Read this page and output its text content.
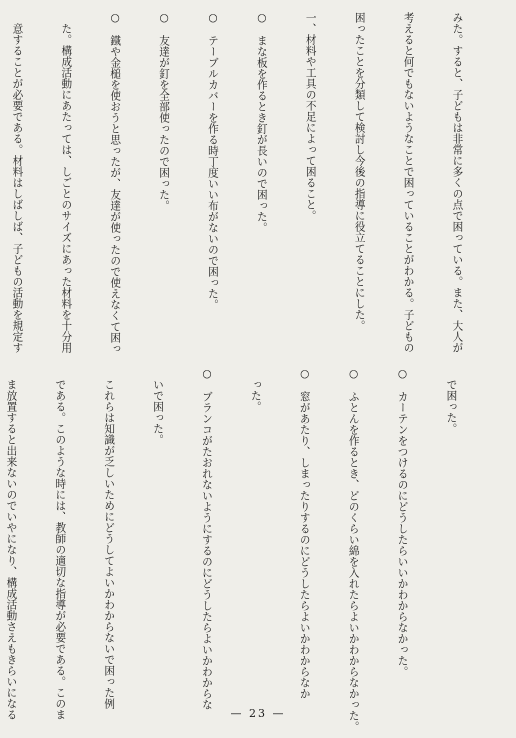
みた。すると、子どもは非常に多くの点で困っている。また、大人が

考えると何でもないようなことで困っていることがわかる。子どもの

困ったことを分類して検討し今後の指導に役立てることにした。

一、材料や工具の不足によって困ること。

○　まな板を作るとき釘が長いので困った。

○　テーブルカバーを作る時丁度いい布がないので困った。

○　友達が釘を全部使ったので困った。

○　鐵や金槌を使おうと思ったが、友達が使ったので使えなくて困っ

　た。構成活動にあたっては、しごとのサイズにあった材料を十分用

　意することが必要である。材料はしばしば、子どもの活動を規定す

　で困った。

○　カーテンをつけるのにどうしたらいいかわからなかった。

○　ふとんを作るとき、どのくらい綿を入れたらよいかわからなかった。

○　窓があたり、しまったりするのにどうしたらよいかわからなか

　った。

○　ブランコがたおれないようにするのにどうしたらよいかわからな

　いで困った。

　これらは知識が乏しいためにどうしてよいかわからないで困った例

　である。このような時には、教師の適切な指導が必要である。このま

　ま放置すると出来ないのでいやになり、構成活動さえもきらいになる

	— 23 —
